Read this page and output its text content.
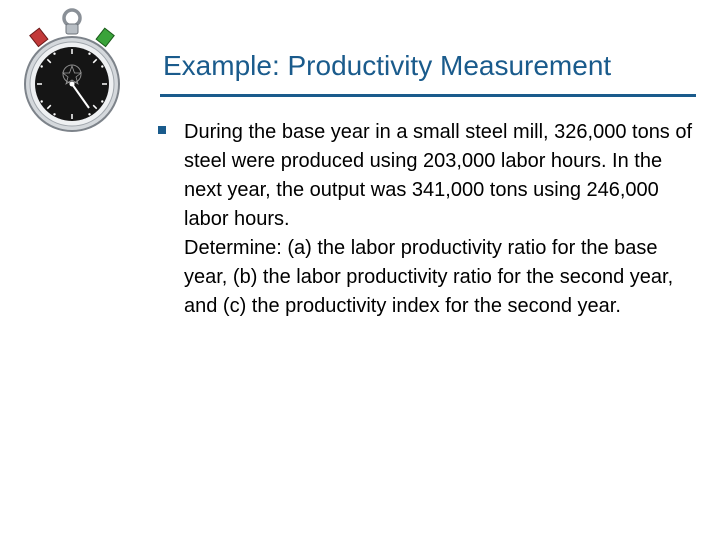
Example: Productivity Measurement

During the base year in a small steel mill, 326,000 tons of steel were produced using 203,000 labor hours. In the next year, the output was 341,000 tons using 246,000 labor hours.

Determine: (a) the labor productivity ratio for the base year, (b) the labor productivity ratio for the second year, and (c) the productivity index for the second year.
